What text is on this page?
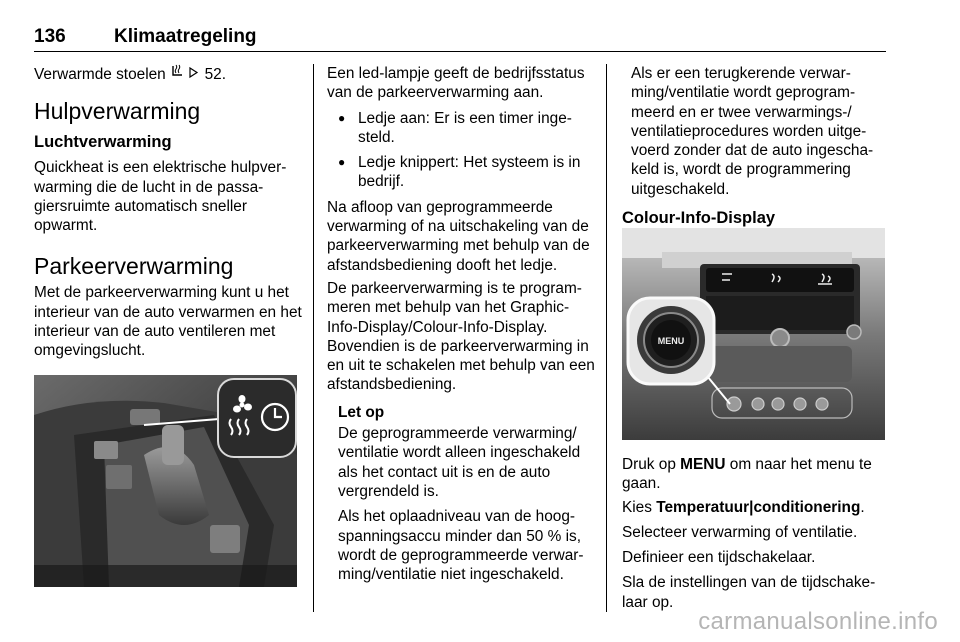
136	Klimaatregeling

Verwarmde stoelen	52.

Hulpverwarming
Luchtverwarming

Quickheat is een elektrische hulpverwarming die de lucht in de passagiersruimte automatisch sneller opwarmt.

Parkeerverwarming

Met de parkeerverwarming kunt u het interieur van de auto verwarmen en het interieur van de auto ventileren met omgevingslucht.

Een led-lampje geeft de bedrijfsstatus van de parkeerverwarming aan.

● Ledje aan: Er is een timer ingesteld.
● Ledje knippert: Het systeem is in bedrijf.

Na afloop van geprogrammeerde verwarming of na uitschakeling van de parkeerverwarming met behulp van de afstandsbediening dooft het ledje.

De parkeerverwarming is te programmeren met behulp van het Graphic-Info-Display/Colour-Info-Display. Bovendien is de parkeerverwarming in en uit te schakelen met behulp van een afstandsbediening.

Let op

De geprogrammeerde verwarming/ ventilatie wordt alleen ingeschakeld als het contact uit is en de auto vergrendeld is.

Als het oplaadniveau van de hoogspanningsaccu minder dan 50 % is, wordt de geprogrammeerde verwarming/ventilatie niet ingeschakeld.

Als er een terugkerende verwarming/ventilatie wordt geprogrammeerd en er twee verwarmings-/ ventilatieprocedures worden uitgevoerd zonder dat de auto ingeschakeld is, wordt de programmering uitgeschakeld.

Colour-Info-Display
MENU

Druk op MENU om naar het menu te gaan.

Kies Temperatuur|conditionering.

Selecteer verwarming of ventilatie.

Definieer een tijdschakelaar.

Sla de instellingen van de tijdschakelaar op.

carmanualsonline.info
